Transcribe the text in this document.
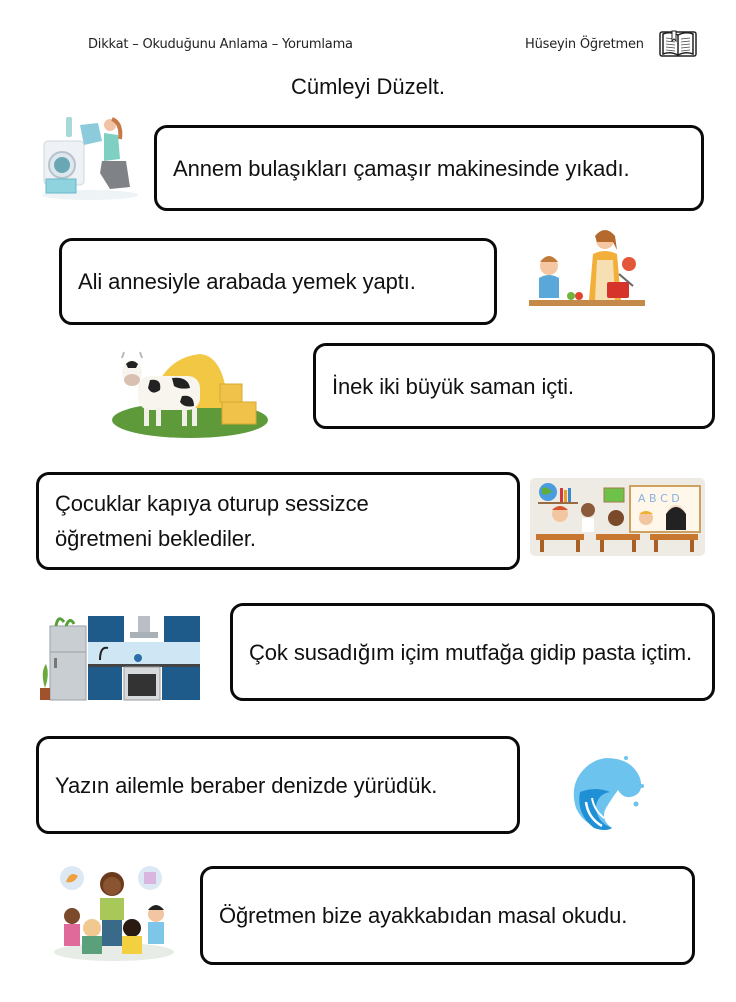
Dikkat – Okuduğunu Anlama – Yorumlama	Hüseyin Öğretmen
Cümleyi Düzelt.
Annem bulaşıkları çamaşır makinesinde yıkadı.
Ali annesiyle arabada yemek yaptı.
İnek iki büyük saman içti.
Çocuklar kapıya oturup sessizce öğretmeni beklediler.
A B C D
Çok susadığım içim mutfağa gidip pasta içtim.
Yazın ailemle beraber denizde yürüdük.
Öğretmen bize ayakkabıdan masal okudu.
